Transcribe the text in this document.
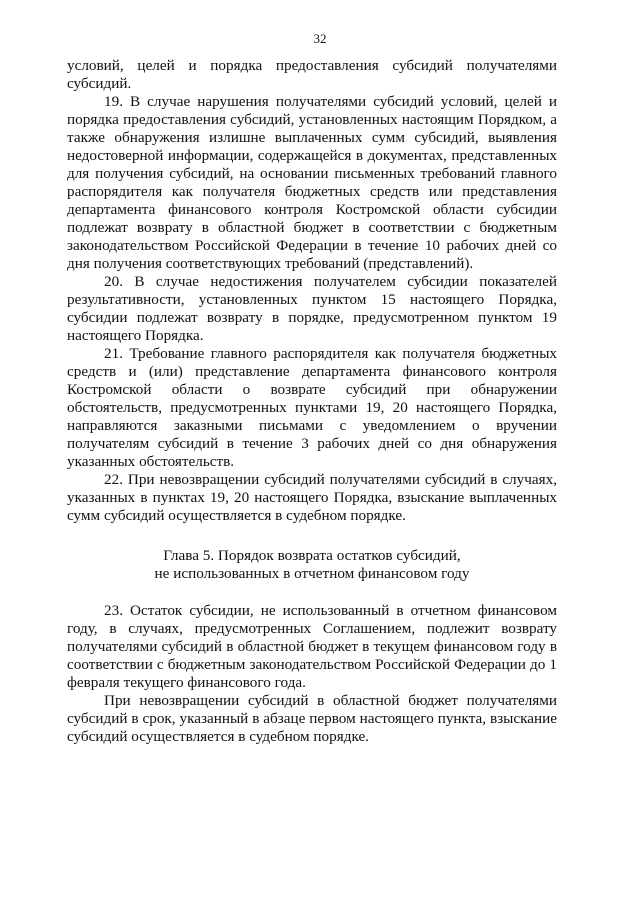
32

условий, целей и порядка предоставления субсидий получателями субсидий.

19. В случае нарушения получателями субсидий условий, целей и порядка предоставления субсидий, установленных настоящим Порядком, а также обнаружения излишне выплаченных сумм субсидий, выявления недостоверной информации, содержащейся в документах, представленных для получения субсидий, на основании письменных требований главного распорядителя как получателя бюджетных средств или представления департамента финансового контроля Костромской области субсидии подлежат возврату в областной бюджет в соответствии с бюджетным законодательством Российской Федерации в течение 10 рабочих дней со дня получения соответствующих требований (представлений).

20. В случае недостижения получателем субсидии показателей результативности, установленных пунктом 15 настоящего Порядка, субсидии подлежат возврату в порядке, предусмотренном пунктом 19 настоящего Порядка.

21. Требование главного распорядителя как получателя бюджетных средств и (или) представление департамента финансового контроля Костромской области о возврате субсидий при обнаружении обстоятельств, предусмотренных пунктами 19, 20 настоящего Порядка, направляются заказными письмами с уведомлением о вручении получателям субсидий в течение 3 рабочих дней со дня обнаружения указанных обстоятельств.

22. При невозвращении субсидий получателями субсидий в случаях, указанных в пунктах 19, 20 настоящего Порядка, взыскание выплаченных сумм субсидий осуществляется в судебном порядке.

Глава 5. Порядок возврата остатков субсидий,

не использованных в отчетном финансовом году

23. Остаток субсидии, не использованный в отчетном финансовом году, в случаях, предусмотренных Соглашением, подлежит возврату получателями субсидий в областной бюджет в текущем финансовом году в соответствии с бюджетным законодательством Российской Федерации до 1 февраля текущего финансового года.

При невозвращении субсидий в областной бюджет получателями субсидий в срок, указанный в абзаце первом настоящего пункта, взыскание субсидий осуществляется в судебном порядке.
